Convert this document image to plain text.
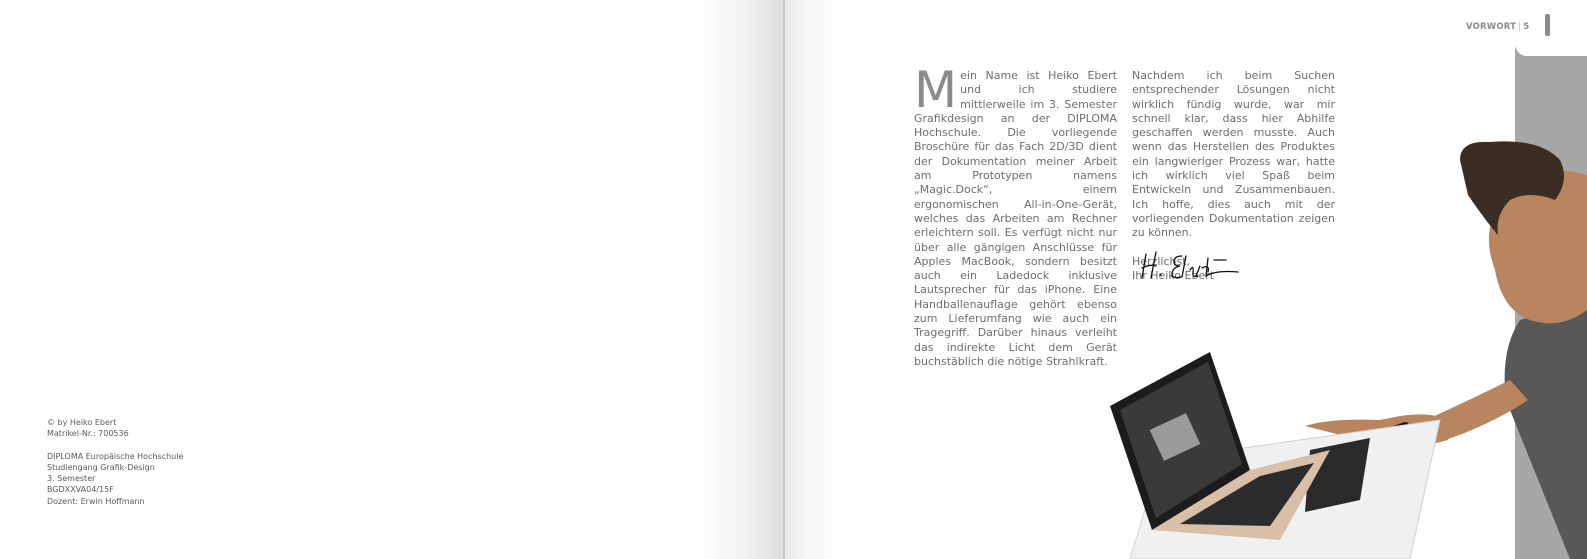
© by Heiko Ebert
Matrikel-Nr.: 700536
DIPLOMA Europäische Hochschule
Studiengang Grafik-Design
3. Semester
BGDXXVA04/15F
Dozent: Erwin Hoffmann
VORWORT | 5
Mein Name ist Heiko Ebert und ich studiere mittlerweile im 3. Semester Grafikdesign an der DIPLOMA Hochschule. Die vorliegende Broschüre für das Fach 2D/3D dient der Dokumentation meiner Arbeit am Prototypen namens „Magic.Dock“, einem ergonomischen All-in-One-Gerät, welches das Arbeiten am Rechner erleichtern soll. Es verfügt nicht nur über alle gängigen Anschlüsse für Apples MacBook, sondern besitzt auch ein Ladedock inklusive Lautsprecher für das iPhone. Eine Handballenauflage gehört ebenso zum Lieferumfang wie auch ein Tragegriff. Darüber hinaus verleiht das indirekte Licht dem Gerät buchstäblich die nötige Strahlkraft.
Nachdem ich beim Suchen entsprechender Lösungen nicht wirklich fündig wurde, war mir schnell klar, dass hier Abhilfe geschaffen werden musste. Auch wenn das Herstellen des Produktes ein langwieriger Prozess war, hatte ich wirklich viel Spaß beim Entwickeln und Zusammenbauen. Ich hoffe, dies auch mit der vorliegenden Dokumentation zeigen zu können.
Herzlichst,
Ihr Heiko Ebert
